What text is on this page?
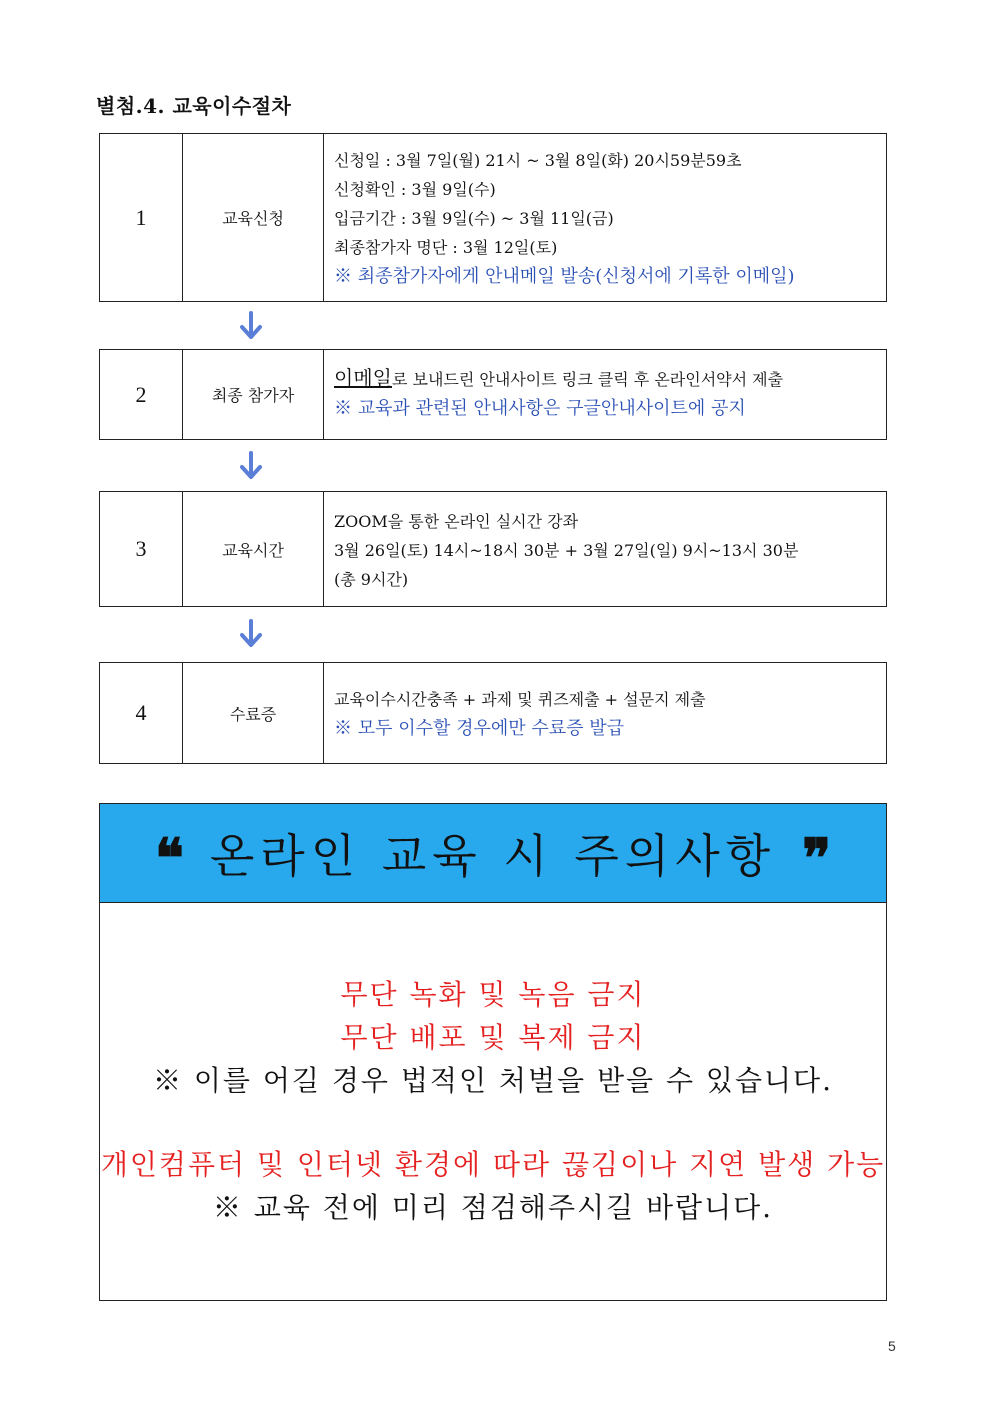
별첨.4. 교육이수절차
1	교육신청
신청일 : 3월 7일(월) 21시 ~ 3월 8일(화) 20시59분59초
신청확인 : 3월 9일(수)
입금기간 : 3월 9일(수) ~ 3월 11일(금)
최종참가자 명단 : 3월 12일(토)
※ 최종참가자에게 안내메일 발송(신청서에 기록한 이메일)
2	최종 참가자
이메일로 보내드린 안내사이트 링크 클릭 후 온라인서약서 제출
※ 교육과 관련된 안내사항은 구글안내사이트에 공지
3	교육시간
ZOOM을 통한 온라인 실시간 강좌
3월 26일(토) 14시~18시 30분 + 3월 27일(일) 9시~13시 30분
(총 9시간)
4	수료증
교육이수시간충족 + 과제 및 퀴즈제출 + 설문지 제출
※ 모두 이수할 경우에만 수료증 발급
❝ 온라인 교육 시 주의사항 ❞
무단 녹화 및 녹음 금지
무단 배포 및 복제 금지
※ 이를 어길 경우 법적인 처벌을 받을 수 있습니다.
개인컴퓨터 및 인터넷 환경에 따라 끊김이나 지연 발생 가능
※ 교육 전에 미리 점검해주시길 바랍니다.
5
